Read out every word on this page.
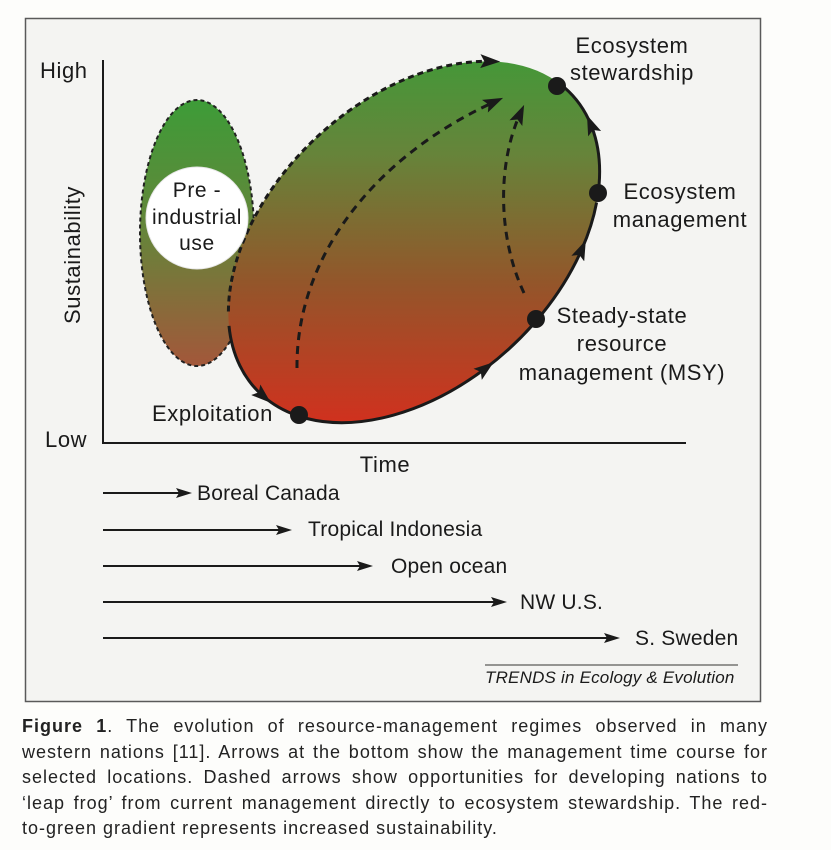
High
Low
Sustainability
Time
Pre -
industrial
use
Ecosystem
stewardship
Ecosystem
management
Steady-state
resource
management (MSY)
Exploitation
Boreal Canada
Tropical Indonesia
Open ocean
NW U.S.
S. Sweden
TRENDS in Ecology & Evolution
Figure 1. The evolution of resource-management regimes observed in many
western nations [11]. Arrows at the bottom show the management time course for
selected locations. Dashed arrows show opportunities for developing nations to
‘leap frog’ from current management directly to ecosystem stewardship. The red-
to-green gradient represents increased sustainability.
